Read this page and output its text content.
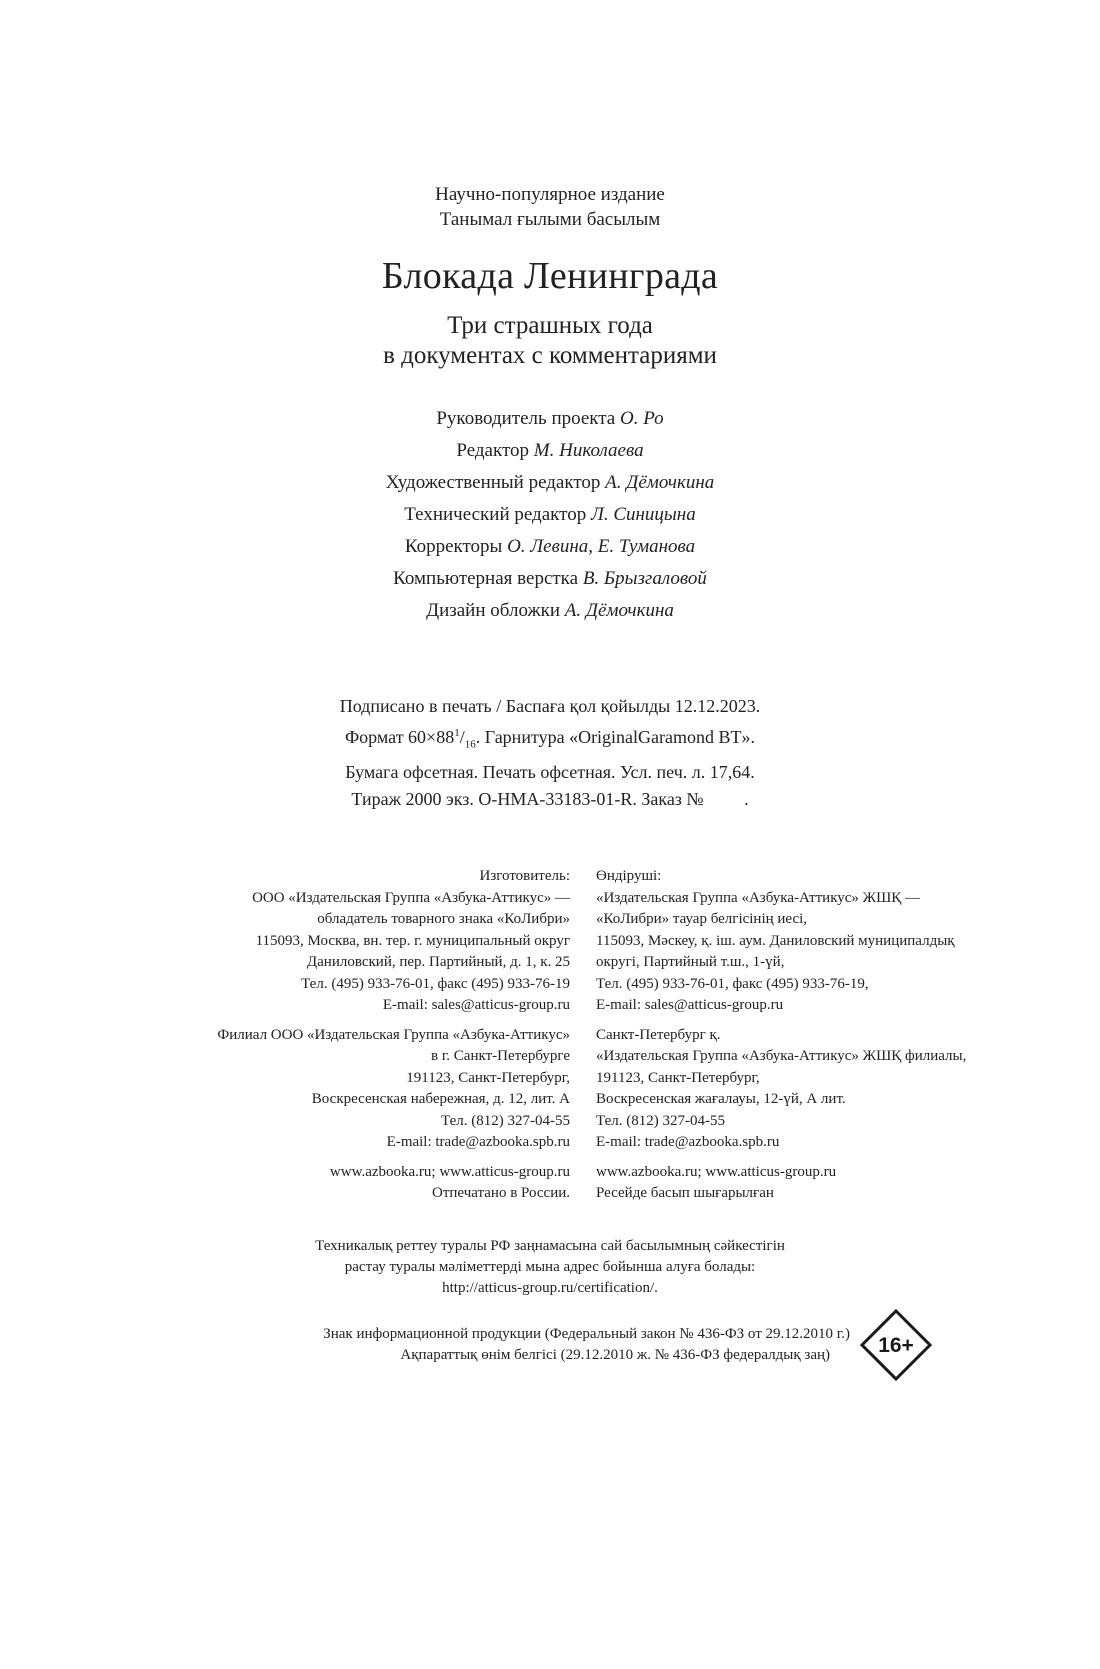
Научно-популярное издание
Танымал ғылыми басылым
Блокада Ленинграда
Три страшных года
в документах с комментариями
Руководитель проекта О. Ро
Редактор М. Николаева
Художественный редактор А. Дёмочкина
Технический редактор Л. Синицына
Корректоры О. Левина, Е. Туманова
Компьютерная верстка В. Брызгаловой
Дизайн обложки А. Дёмочкина
Подписано в печать / Баспаға қол қойылды 12.12.2023.
Формат $60\times 88^1/_{16}$. Гарнитура «OriginalGaramond BT».
Бумага офсетная. Печать офсетная. Усл. печ. л. 17,64.
Тираж 2000 экз. О-НМА-33183-01-R. Заказ №         .
Изготовитель:
ООО «Издательская Группа «Азбука-Аттикус» —
обладатель товарного знака «КоЛибри»
115093, Москва, вн. тер. г. муниципальный округ
Даниловский, пер. Партийный, д. 1, к. 25
Тел. (495) 933-76-01, факс (495) 933-76-19
E-mail: sales@atticus-group.ru
Филиал ООО «Издательская Группа «Азбука-Аттикус»
в г. Санкт-Петербурге
191123, Санкт-Петербург,
Воскресенская набережная, д. 12, лит. А
Тел. (812) 327-04-55
E-mail: trade@azbooka.spb.ru
www.azbooka.ru; www.atticus-group.ru
Отпечатано в России.
Өндіруші:
«Издательская Группа «Азбука-Аттикус» ЖШҚ —
«КоЛибри» тауар белгісінің иесі,
115093, Мәскеу, қ. іш. аум. Даниловский муниципалдық
округі, Партийный т.ш., 1-үй,
Тел. (495) 933-76-01, факс (495) 933-76-19,
E-mail: sales@atticus-group.ru
Санкт-Петербург қ.
«Издательская Группа «Азбука-Аттикус» ЖШҚ филиалы,
191123, Санкт-Петербург,
Воскресенская жағалауы, 12-үй, А лит.
Тел. (812) 327-04-55
E-mail: trade@azbooka.spb.ru
www.azbooka.ru; www.atticus-group.ru
Ресейде басып шығарылған
Техникалық реттеу туралы РФ заңнамасына сай басылымның сәйкестігін
растау туралы мәліметтерді мына адрес бойынша алуға болады:
http://atticus-group.ru/certification/.
Знак информационной продукции (Федеральный закон № 436-ФЗ от 29.12.2010 г.)
Ақпараттық өнім белгісі (29.12.2010 ж. № 436-ФЗ федералдық заң) 16+
